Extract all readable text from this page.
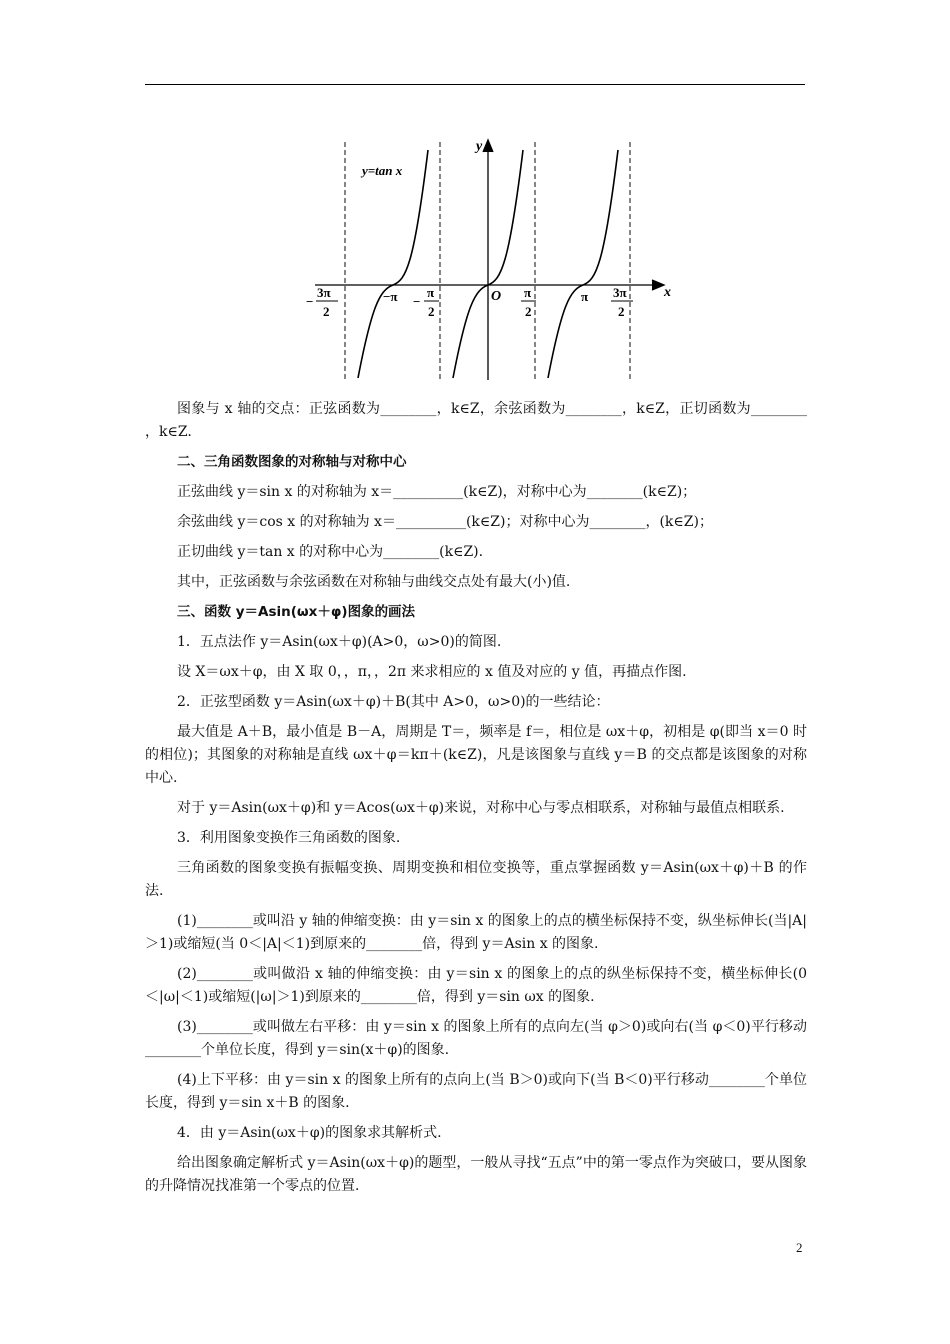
y=tan x
y
x
O
−
3π
2
−π −
π
2
π
2
π 3π
2
图象与 x 轴的交点：正弦函数为________，k∈Z，余弦函数为________，k∈Z，正切函数为________ ，k∈Z.
二、三角函数图象的对称轴与对称中心
正弦曲线 y＝sin x 的对称轴为 x＝__________(k∈Z)，对称中心为________(k∈Z)；
余弦曲线 y＝cos x 的对称轴为 x＝__________(k∈Z)；对称中心为________，(k∈Z)；
正切曲线 y＝tan x 的对称中心为________(k∈Z).
其中，正弦函数与余弦函数在对称轴与曲线交点处有最大(小)值.
三、函数 y＝Asin(ωx＋φ)图象的画法
1．五点法作 y＝Asin(ωx＋φ)(A>0，ω>0)的简图.
设 X＝ωx＋φ，由 X 取 0，，π，，2π 来求相应的 x 值及对应的 y 值，再描点作图.
2．正弦型函数 y＝Asin(ωx＋φ)＋B(其中 A>0，ω>0)的一些结论：
最大值是 A＋B，最小值是 B－A，周期是 T＝，频率是 f＝，相位是 ωx＋φ，初相是 φ(即当 x＝0 时的相位)；其图象的对称轴是直线 ωx＋φ＝kπ＋(k∈Z)，凡是该图象与直线 y＝B 的交点都是该图象的对称中心.
对于 y＝Asin(ωx＋φ)和 y＝Acos(ωx＋φ)来说，对称中心与零点相联系，对称轴与最值点相联系.
3．利用图象变换作三角函数的图象.
三角函数的图象变换有振幅变换、周期变换和相位变换等，重点掌握函数 y＝Asin(ωx＋φ)＋B 的作法.
(1)________或叫沿 y 轴的伸缩变换：由 y＝sin x 的图象上的点的横坐标保持不变，纵坐标伸长(当|A|＞1)或缩短(当 0＜|A|＜1)到原来的________倍，得到 y＝Asin x 的图象.
(2)________或叫做沿 x 轴的伸缩变换：由 y＝sin x 的图象上的点的纵坐标保持不变，横坐标伸长(0＜|ω|＜1)或缩短(|ω|＞1)到原来的________倍，得到 y＝sin ωx 的图象.
(3)________或叫做左右平移：由 y＝sin x 的图象上所有的点向左(当 φ＞0)或向右(当 φ＜0)平行移动________个单位长度，得到 y＝sin(x＋φ)的图象.
(4)上下平移：由 y＝sin x 的图象上所有的点向上(当 B＞0)或向下(当 B＜0)平行移动________个单位长度，得到 y＝sin x＋B 的图象.
4．由 y＝Asin(ωx＋φ)的图象求其解析式.
给出图象确定解析式 y＝Asin(ωx＋φ)的题型，一般从寻找“五点”中的第一零点作为突破口，要从图象的升降情况找准第一个零点的位置.
2
